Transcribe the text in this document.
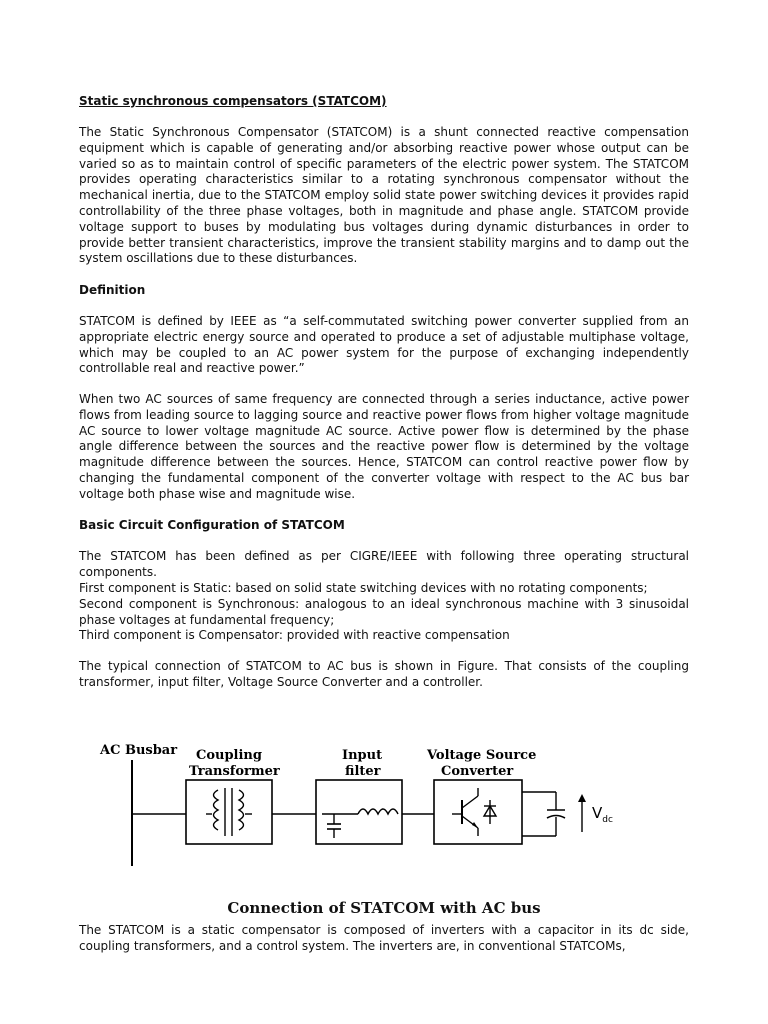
Static synchronous compensators (STATCOM)
The Static Synchronous Compensator (STATCOM) is a shunt connected reactive compensation equipment which is capable of generating and/or absorbing reactive power whose output can be varied so as to maintain control of specific parameters of the electric power system. The STATCOM provides operating characteristics similar to a rotating synchronous compensator without the mechanical inertia, due to the STATCOM employ solid state power switching devices it provides rapid controllability of the three phase voltages, both in magnitude and phase angle. STATCOM provide voltage support to buses by modulating bus voltages during dynamic disturbances in order to provide better transient characteristics, improve the transient stability margins and to damp out the system oscillations due to these disturbances.
Definition
STATCOM is defined by IEEE as “a self-commutated switching power converter supplied from an appropriate electric energy source and operated to produce a set of adjustable multiphase voltage, which may be coupled to an AC power system for the purpose of exchanging independently controllable real and reactive power.”
When two AC sources of same frequency are connected through a series inductance, active power flows from leading source to lagging source and reactive power flows from higher voltage magnitude AC source to lower voltage magnitude AC source. Active power flow is determined by the phase angle difference between the sources and the reactive power flow is determined by the voltage magnitude difference between the sources. Hence, STATCOM can control reactive power flow by changing the fundamental component of the converter voltage with respect to the AC bus bar voltage both phase wise and magnitude wise.
Basic Circuit Configuration of STATCOM
The STATCOM has been defined as per CIGRE/IEEE with following three operating structural components.
First component is Static: based on solid state switching devices with no rotating components;
Second component is Synchronous: analogous to an ideal synchronous machine with 3 sinusoidal phase voltages at fundamental frequency;
Third component is Compensator: provided with reactive compensation
The typical connection of STATCOM to AC bus is shown in Figure. That consists of the coupling transformer, input filter, Voltage Source Converter and a controller.
AC Busbar Coupling
Transformer
Input
filter
Voltage Source
Converter
$V_{dc}$
Connection of STATCOM with AC bus
The STATCOM is a static compensator is composed of inverters with a capacitor in its dc side, coupling transformers, and a control system. The inverters are, in conventional STATCOMs,
